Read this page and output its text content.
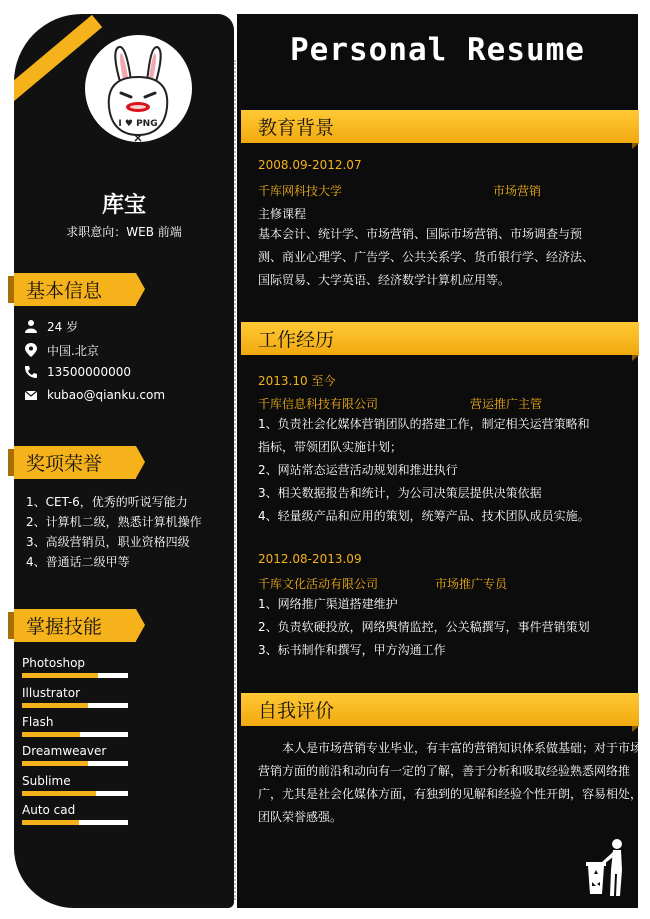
I ♥ PNG
库宝
求职意向：WEB 前端
基本信息
奖项荣誉
掌握技能
24 岁
中国.北京
13500000000
kubao@qianku.com
1、CET-6，优秀的听说写能力
2、计算机二级，熟悉计算机操作
3、高级营销员，职业资格四级
4、普通话二级甲等
Photoshop
Illustrator
Flash
Dreamweaver
Sublime
Auto cad
Personal Resume
教育背景
工作经历
自我评价
2008.09-2012.07
千库网科技大学	市场营销
主修课程
基本会计、统计学、市场营销、国际市场营销、市场调查与预
测、商业心理学、广告学、公共关系学、货币银行学、经济法、
国际贸易、大学英语、经济数学计算机应用等。
2013.10 至今
千库信息科技有限公司	营运推广主管
1、负责社会化媒体营销团队的搭建工作，制定相关运营策略和
指标，带领团队实施计划；
2、网站常态运营活动规划和推进执行
3、相关数据报告和统计，为公司决策层提供决策依据
4、轻量级产品和应用的策划，统筹产品、技术团队成员实施。
2012.08-2013.09
千库文化活动有限公司	市场推广专员
1、网络推广渠道搭建维护
2、负责软硬投放，网络舆情监控，公关稿撰写，事件营销策划
3、标书制作和撰写，甲方沟通工作
　　本人是市场营销专业毕业，有丰富的营销知识体系做基础；对于市场
营销方面的前沿和动向有一定的了解，善于分析和吸取经验熟悉网络推
广，尤其是社会化媒体方面，有独到的见解和经验个性开朗，容易相处，
团队荣誉感强。
